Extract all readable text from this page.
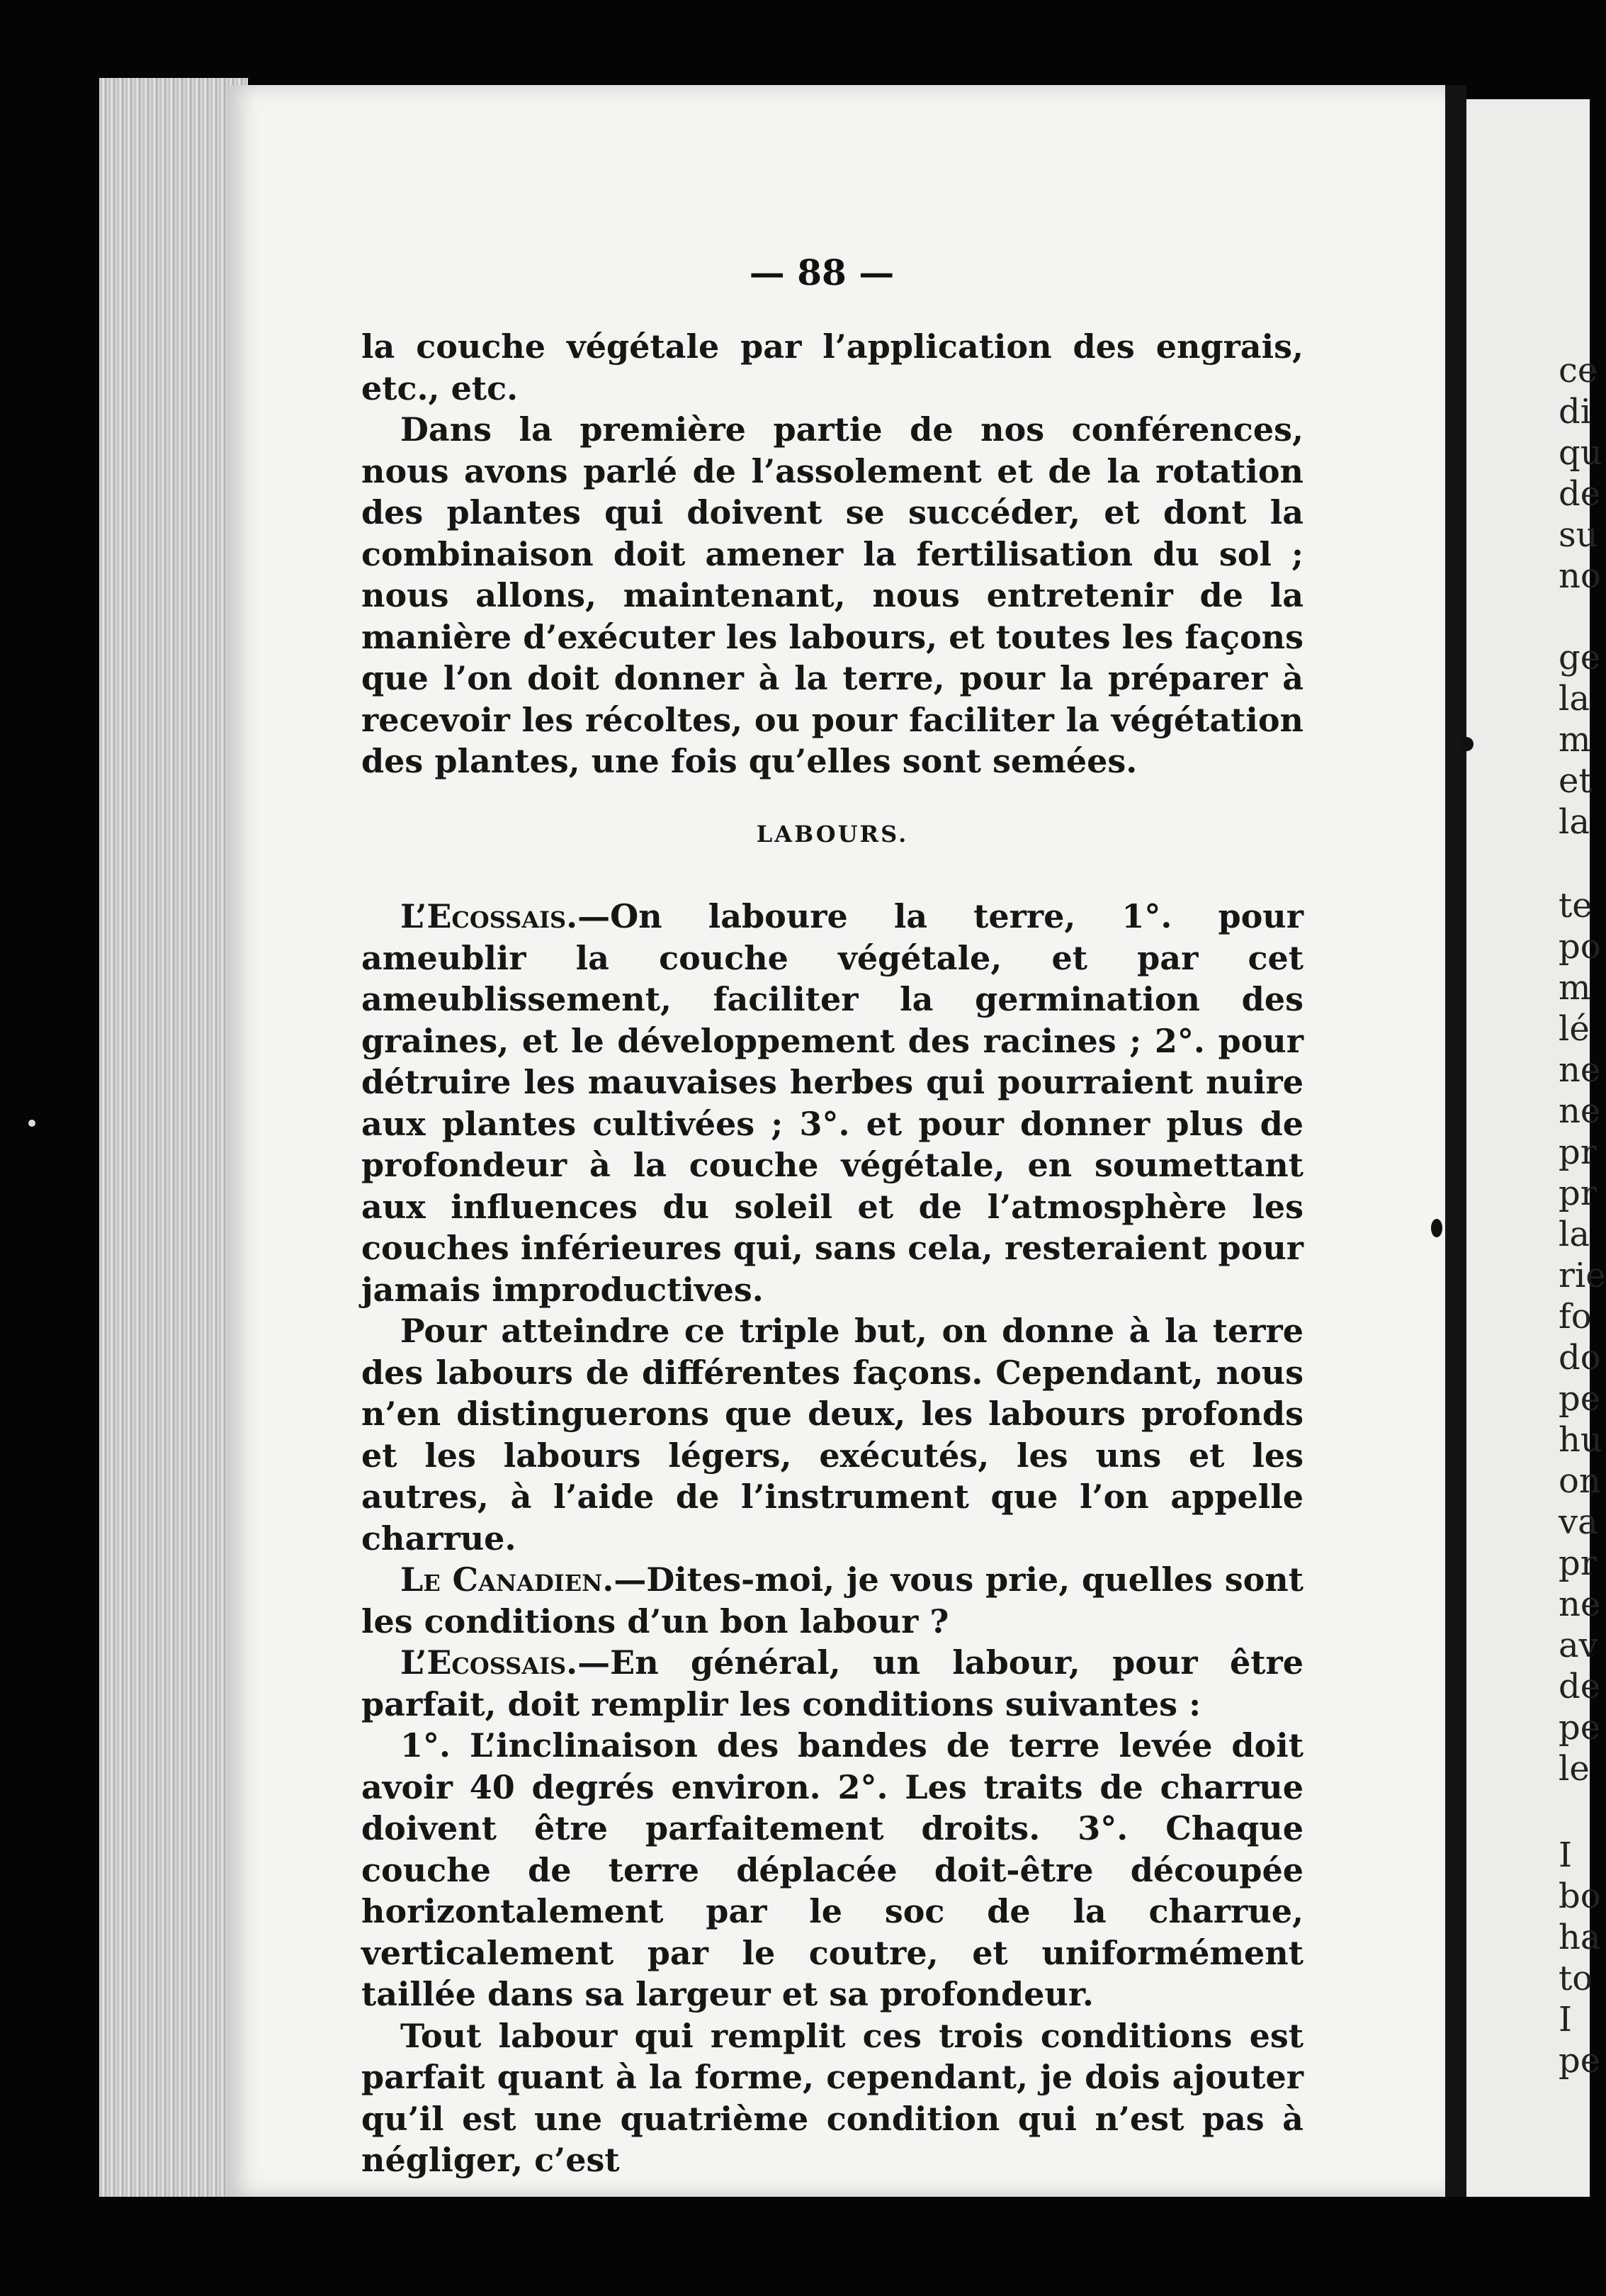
ce
di
qu
de
su
no
ge
la
m
et
la
te
po
m
lé
ne
ne
pr
pr
la
rie
fo
do
pe
hu
on
va
pr
ne
av
de
pe
le
I
bo
ha
to
I
pe
— 88 —

la couche végétale par l’application des engrais, etc., etc.

Dans la première partie de nos conférences, nous avons parlé de l’assolement et de la rotation des plantes qui doivent se succéder, et dont la combinaison doit amener la fertilisation du sol ; nous allons, maintenant, nous entretenir de la manière d’exécuter les labours, et toutes les façons que l’on doit donner à la terre, pour la préparer à recevoir les récoltes, ou pour faciliter la végétation des plantes, une fois qu’elles sont semées.

LABOURS.

L’Ecossais.—On laboure la terre, 1°. pour ameublir la couche végétale, et par cet ameublissement, faciliter la germination des graines, et le développement des racines ; 2°. pour détruire les mauvaises herbes qui pourraient nuire aux plantes cultivées ; 3°. et pour donner plus de profondeur à la couche végétale, en soumettant aux influences du soleil et de l’atmosphère les couches inférieures qui, sans cela, resteraient pour jamais improductives.

Pour atteindre ce triple but, on donne à la terre des labours de différentes façons. Cependant, nous n’en distinguerons que deux, les labours profonds et les labours légers, exécutés, les uns et les autres, à l’aide de l’instrument que l’on appelle charrue.

Le Canadien.—Dites-moi, je vous prie, quelles sont les conditions d’un bon labour ?

L’Ecossais.—En général, un labour, pour être parfait, doit remplir les conditions suivantes :

1°. L’inclinaison des bandes de terre levée doit avoir 40 degrés environ. 2°. Les traits de charrue doivent être parfaitement droits. 3°. Chaque couche de terre déplacée doit-être découpée horizontalement par le soc de la charrue, verticalement par le coutre, et uniformément taillée dans sa largeur et sa profondeur.

Tout labour qui remplit ces trois conditions est parfait quant à la forme, cependant, je dois ajouter qu’il est une quatrième condition qui n’est pas à négliger, c’est
